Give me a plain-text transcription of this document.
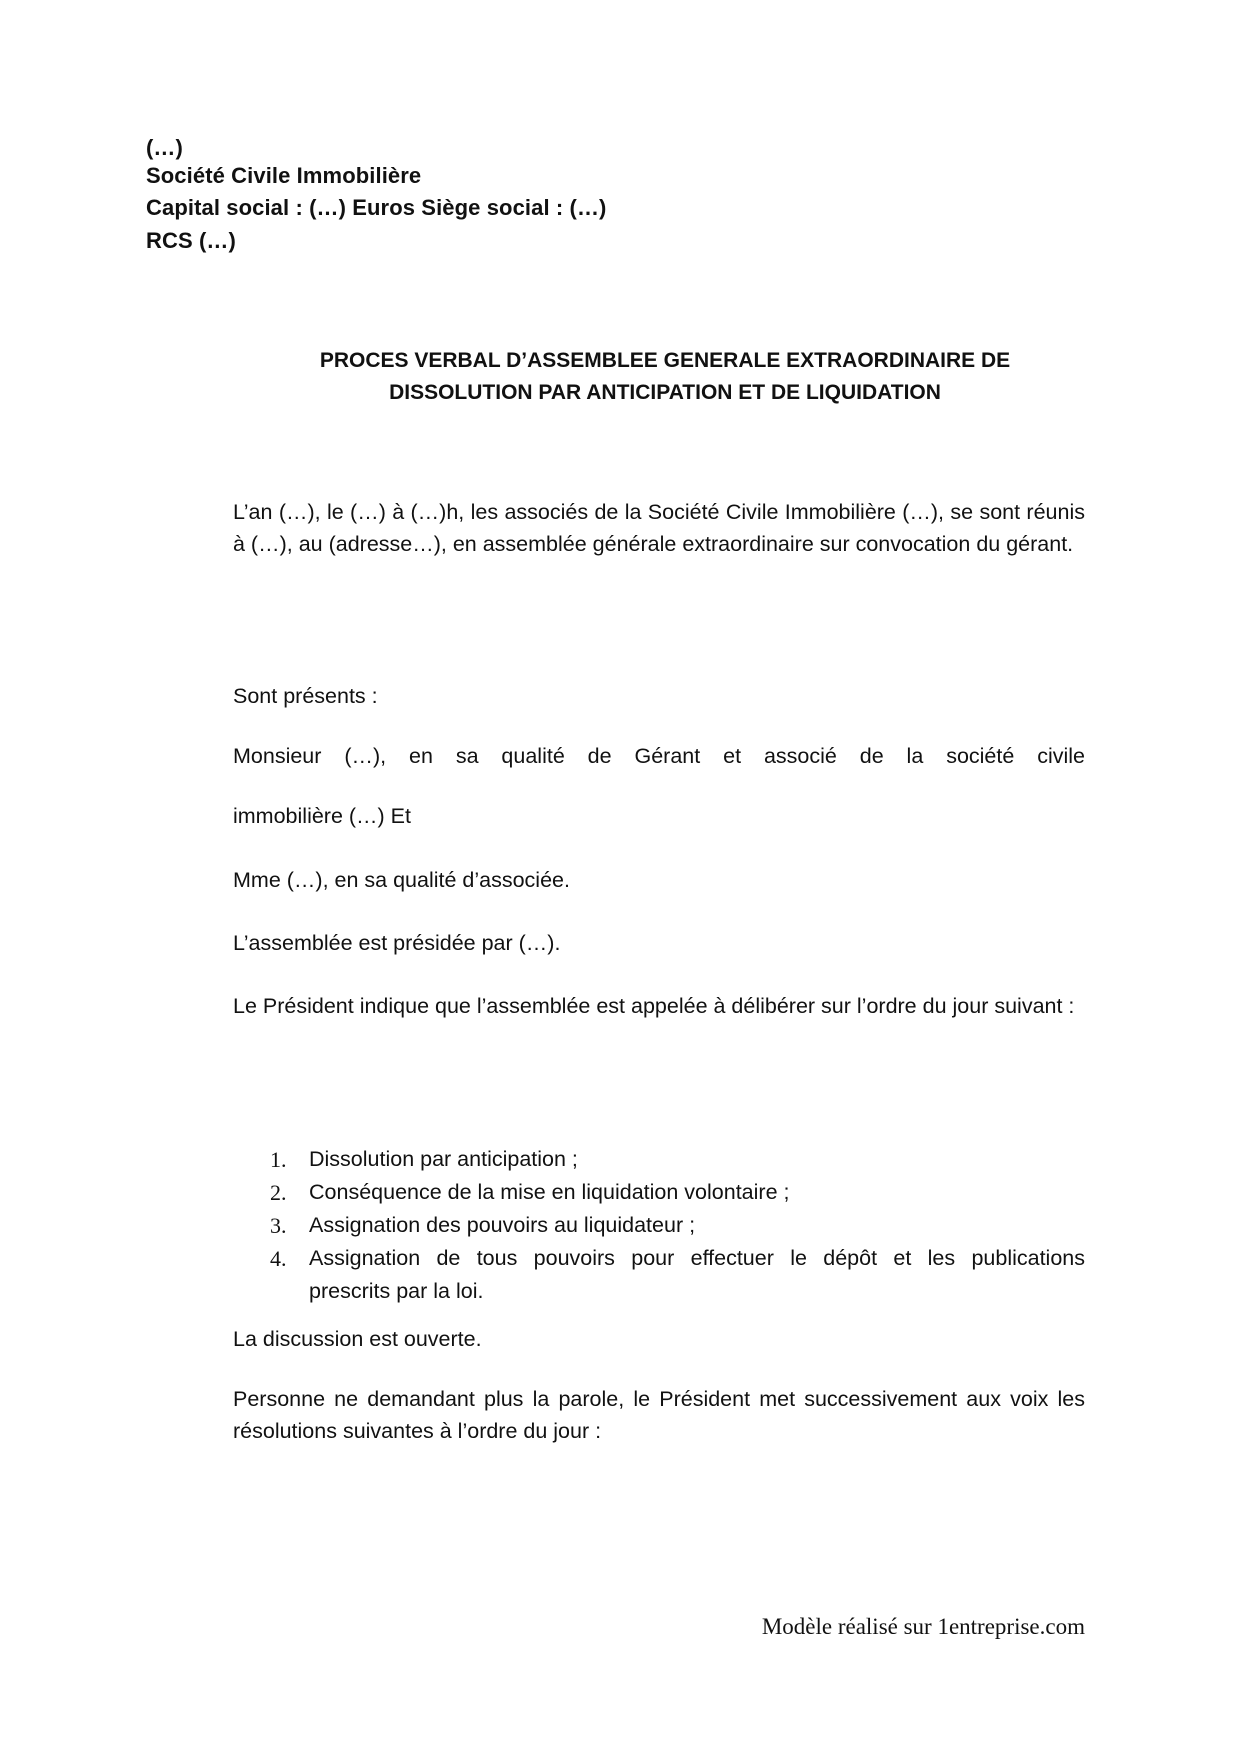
(…)
Société Civile Immobilière
Capital social : (…) Euros Siège social : (…)
RCS (…)
PROCES VERBAL D’ASSEMBLEE GENERALE EXTRAORDINAIRE DE
DISSOLUTION PAR ANTICIPATION ET DE LIQUIDATION
L’an (…), le (…) à (…)h, les associés de la Société Civile Immobilière (…), se sont réunis à (…), au (adresse…), en assemblée générale extraordinaire sur convocation du gérant.
Sont présents :
Monsieur (…), en sa qualité de Gérant et associé de la société civile
immobilière (…) Et
Mme (…), en sa qualité d’associée.
L’assemblée est présidée par (…).
Le Président indique que l’assemblée est appelée à délibérer sur l’ordre du jour suivant :
1. Dissolution par anticipation ;
2. Conséquence de la mise en liquidation volontaire ;
3. Assignation des pouvoirs au liquidateur ;
4. Assignation de tous pouvoirs pour effectuer le dépôt et les publications
prescrits par la loi.
La discussion est ouverte.
Personne ne demandant plus la parole, le Président met successivement aux voix les résolutions suivantes à l’ordre du jour :
Modèle réalisé sur 1entreprise.com
